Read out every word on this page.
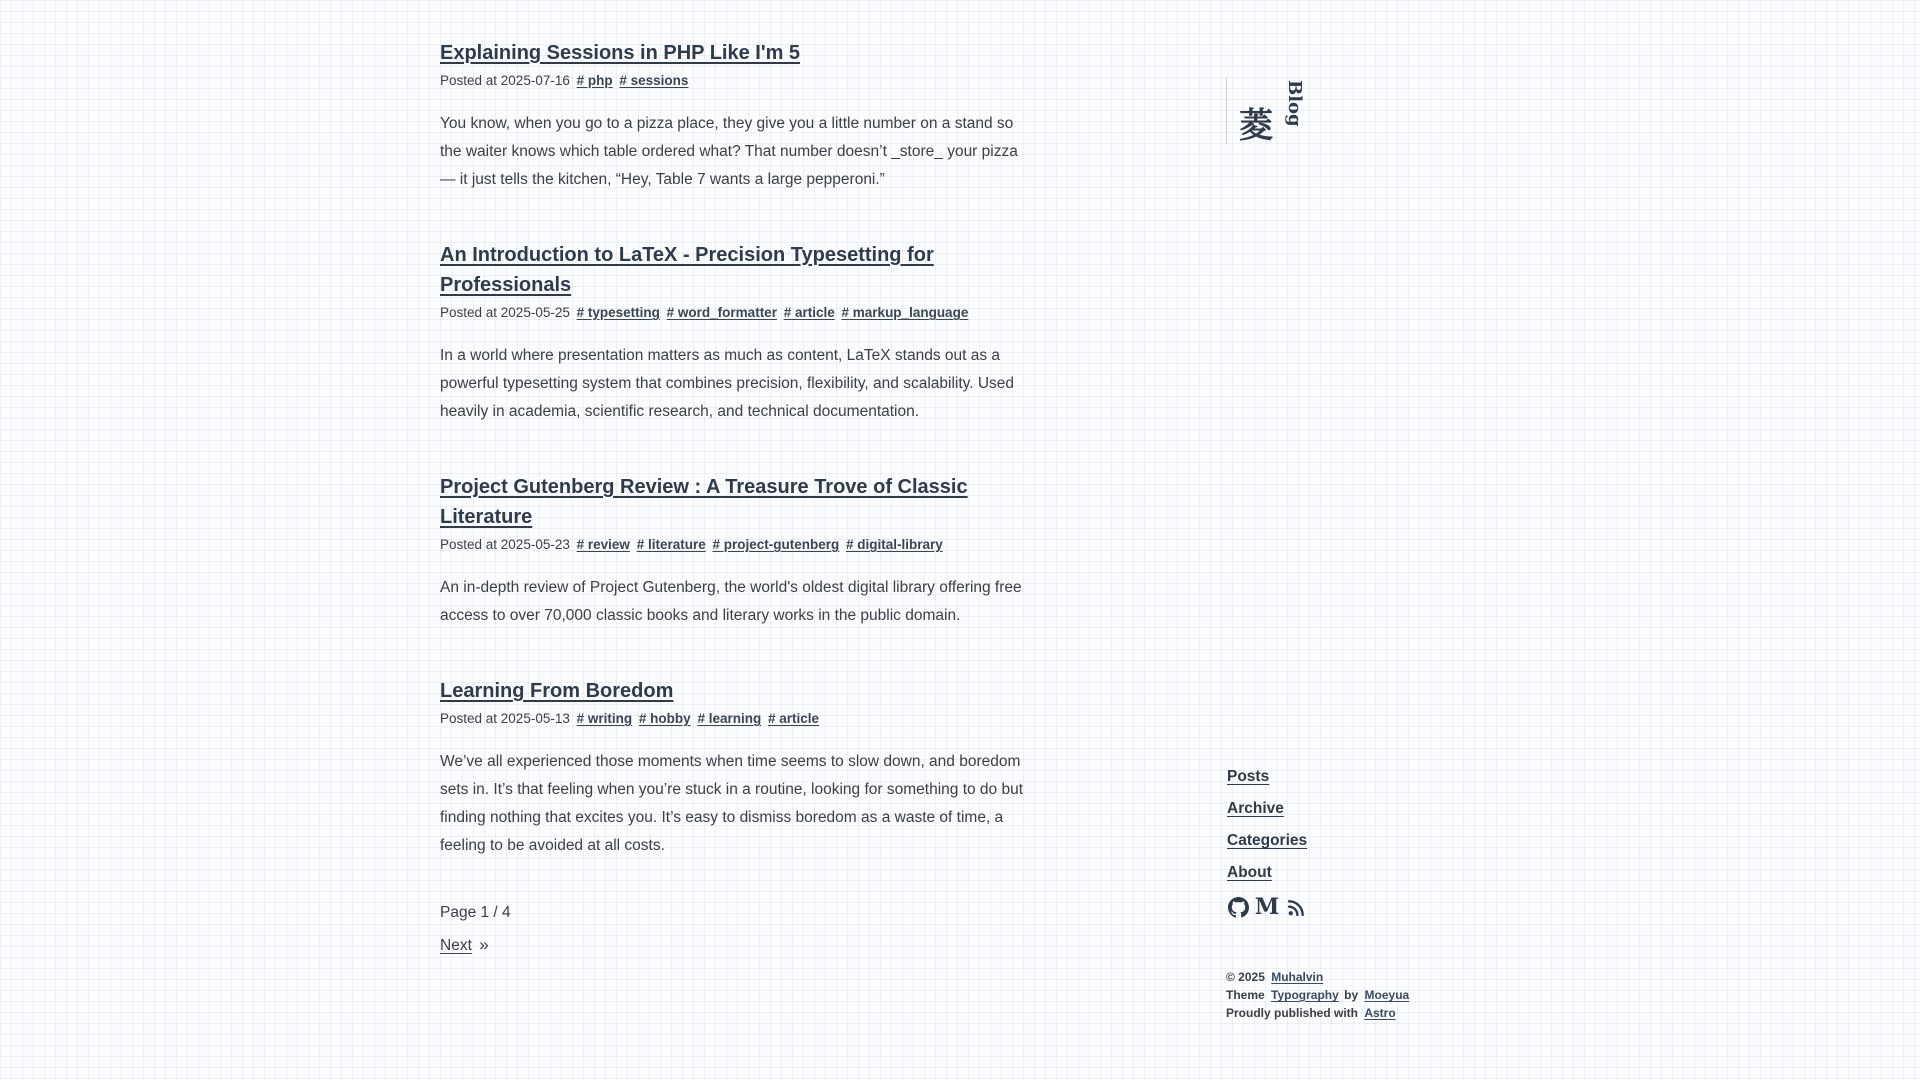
Explaining Sessions in PHP Like I'm 5
Posted at 2025-07-16 # php # sessions

You know, when you go to a pizza place, they give you a little number on a stand so the waiter knows which table ordered what? That number doesn’t _store_ your pizza — it just tells the kitchen, “Hey, Table 7 wants a large pepperoni.”

An Introduction to LaTeX - Precision Typesetting for Professionals
Posted at 2025-05-25 # typesetting # word_formatter # article # markup_language

In a world where presentation matters as much as content, LaTeX stands out as a powerful typesetting system that combines precision, flexibility, and scalability. Used heavily in academia, scientific research, and technical documentation.

Project Gutenberg Review : A Treasure Trove of Classic Literature
Posted at 2025-05-23 # review # literature # project-gutenberg # digital-library

An in-depth review of Project Gutenberg, the world's oldest digital library offering free access to over 70,000 classic books and literary works in the public domain.

Learning From Boredom
Posted at 2025-05-13 # writing # hobby # learning # article

We’ve all experienced those moments when time seems to slow down, and boredom sets in. It’s that feeling when you’re stuck in a routine, looking for something to do but finding nothing that excites you. It’s easy to dismiss boredom as a waste of time, a feeling to be avoided at all costs.

Page 1 / 4
Next »
菱 Blog
Posts
Archive
Categories
About
M
© 2025 Muhalvin
Theme Typography by Moeyua
Proudly published with Astro
